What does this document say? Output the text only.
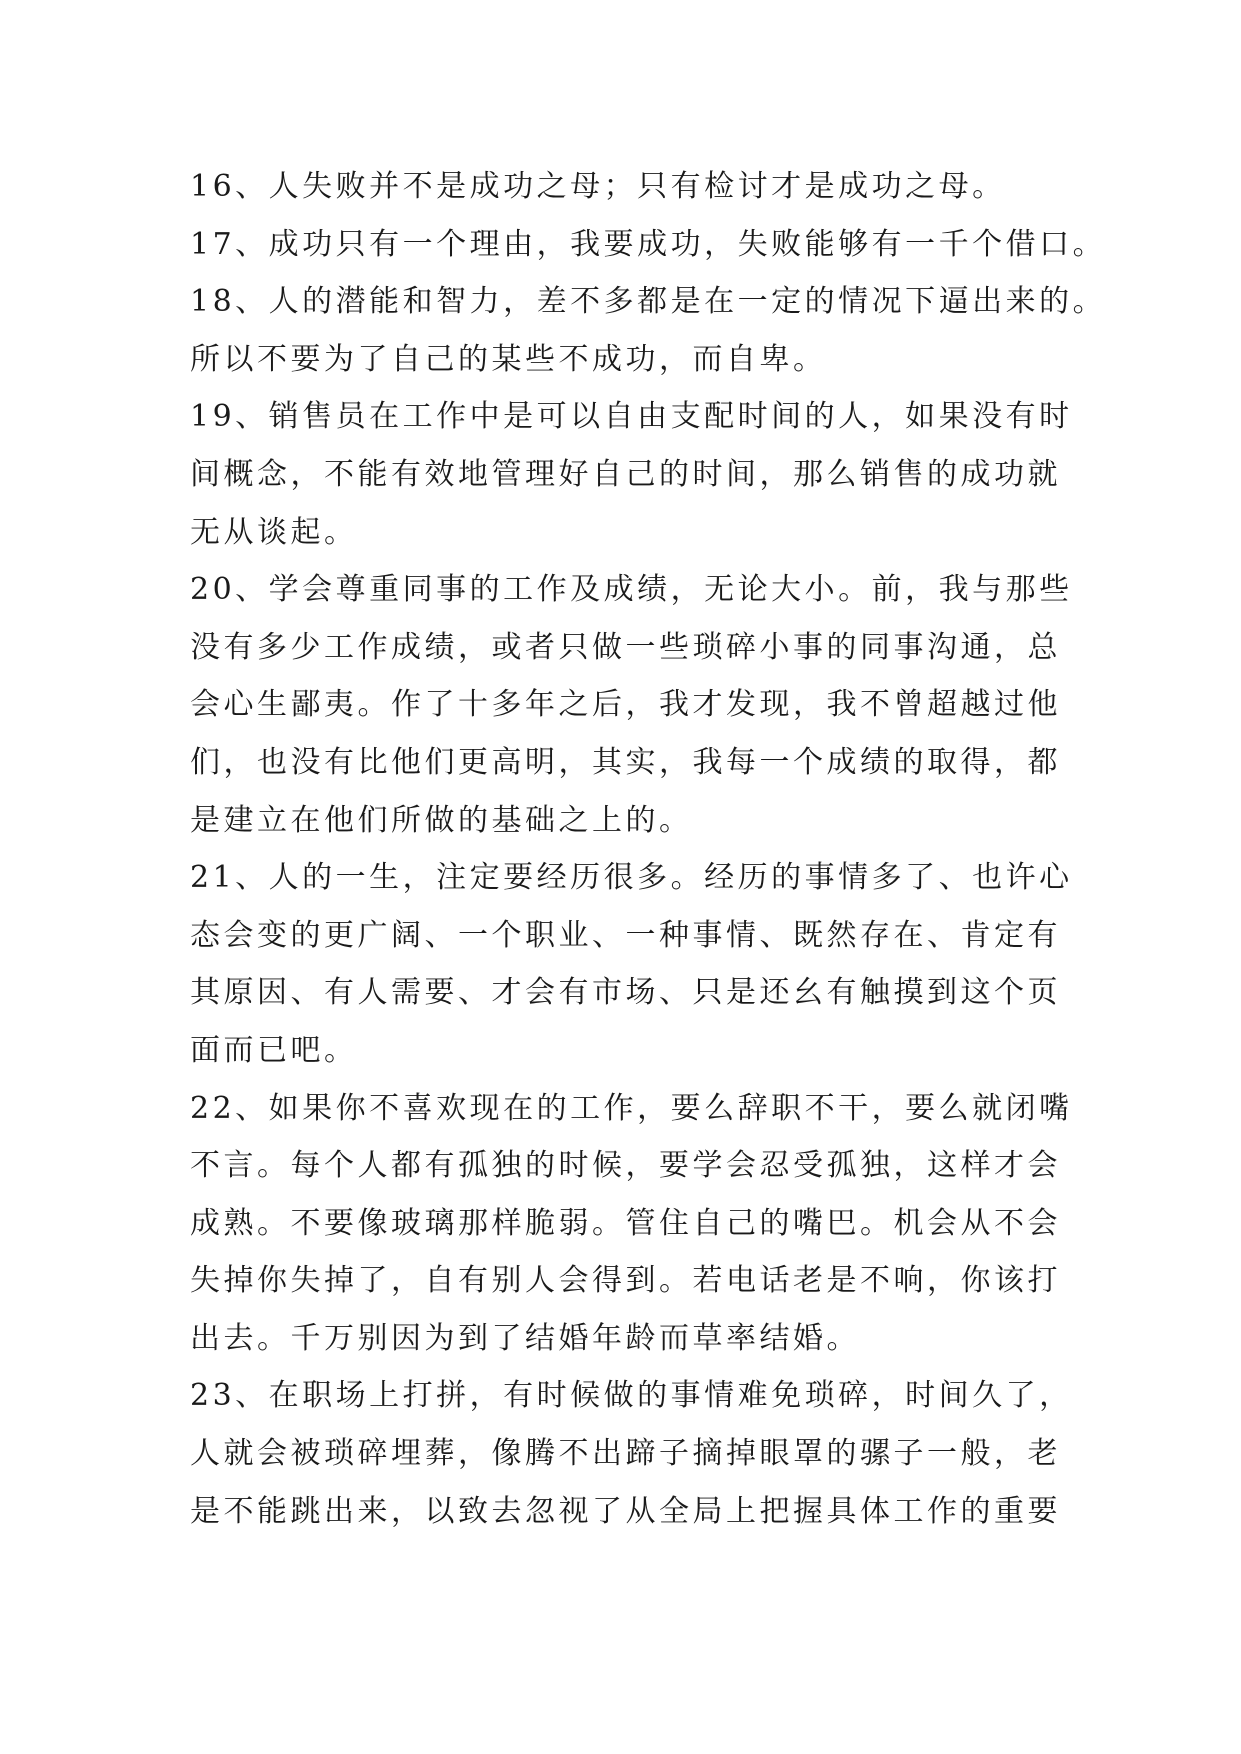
16、人失败并不是成功之母；只有检讨才是成功之母。
17、成功只有一个理由，我要成功，失败能够有一千个借口。
18、人的潜能和智力，差不多都是在一定的情况下逼出来的。
所以不要为了自己的某些不成功，而自卑。
19、销售员在工作中是可以自由支配时间的人，如果没有时
间概念，不能有效地管理好自己的时间，那么销售的成功就
无从谈起。
20、学会尊重同事的工作及成绩，无论大小。前，我与那些
没有多少工作成绩，或者只做一些琐碎小事的同事沟通，总
会心生鄙夷。作了十多年之后，我才发现，我不曾超越过他
们，也没有比他们更高明，其实，我每一个成绩的取得，都
是建立在他们所做的基础之上的。
21、人的一生，注定要经历很多。经历的事情多了、也许心
态会变的更广阔、一个职业、一种事情、既然存在、肯定有
其原因、有人需要、才会有市场、只是还幺有触摸到这个页
面而已吧。
22、如果你不喜欢现在的工作，要么辞职不干，要么就闭嘴
不言。每个人都有孤独的时候，要学会忍受孤独，这样才会
成熟。不要像玻璃那样脆弱。管住自己的嘴巴。机会从不会
失掉你失掉了，自有别人会得到。若电话老是不响，你该打
出去。千万别因为到了结婚年龄而草率结婚。
23、在职场上打拼，有时候做的事情难免琐碎，时间久了，
人就会被琐碎埋葬，像腾不出蹄子摘掉眼罩的骡子一般，老
是不能跳出来，以致去忽视了从全局上把握具体工作的重要
